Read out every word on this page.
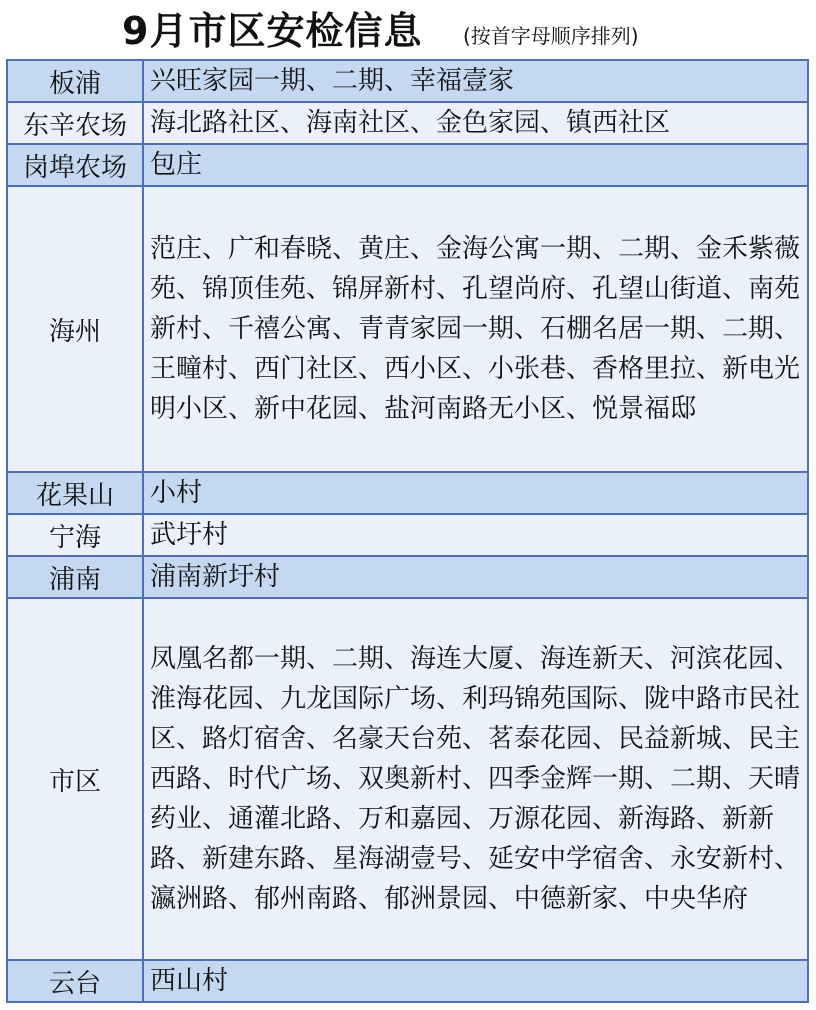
9月市区安检信息 (按首字母顺序排列)
板浦	兴旺家园一期、二期、幸福壹家
东辛农场	海北路社区、海南社区、金色家园、镇西社区
岗埠农场	包庄
海州	范庄、广和春晓、黄庄、金海公寓一期、二期、金禾紫薇苑、锦顶佳苑、锦屏新村、孔望尚府、孔望山街道、南苑新村、千禧公寓、青青家园一期、石棚名居一期、二期、王疃村、西门社区、西小区、小张巷、香格里拉、新电光明小区、新中花园、盐河南路无小区、悦景福邸
花果山	小村
宁海	武圩村
浦南	浦南新圩村
市区	凤凰名都一期、二期、海连大厦、海连新天、河滨花园、淮海花园、九龙国际广场、利玛锦苑国际、陇中路市民社区、路灯宿舍、名豪天台苑、茗泰花园、民益新城、民主西路、时代广场、双奥新村、四季金辉一期、二期、天晴药业、通灌北路、万和嘉园、万源花园、新海路、新新路、新建东路、星海湖壹号、延安中学宿舍、永安新村、瀛洲路、郁州南路、郁洲景园、中德新家、中央华府
云台	西山村
